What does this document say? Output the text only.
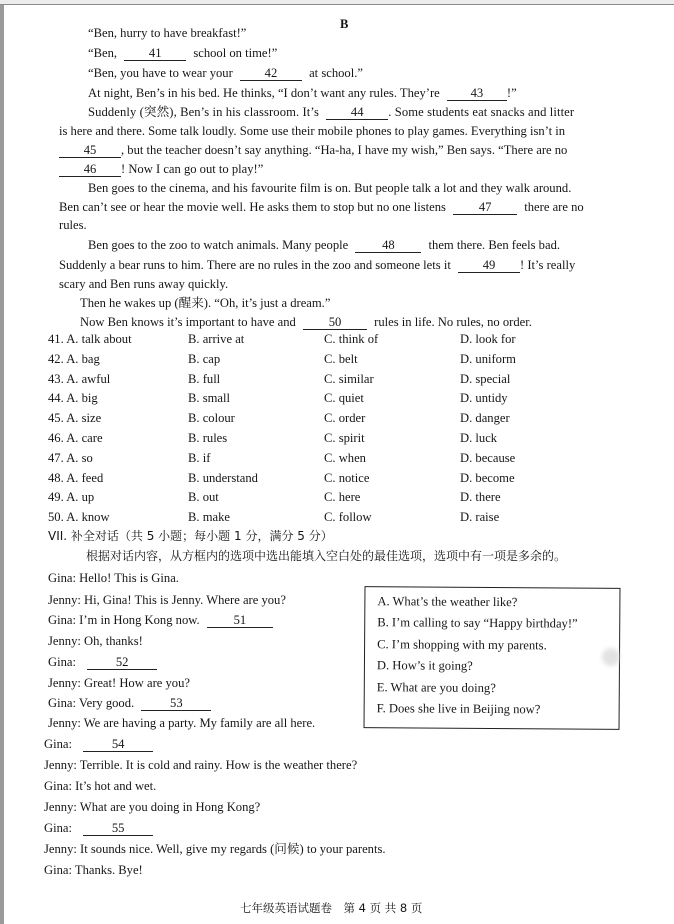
B
“Ben, hurry to have breakfast!”
“Ben,	41	school on time!”
“Ben, you have to wear your	42	at school.”
At night, Ben’s in his bed. He thinks, “I don’t want any rules. They’re 43 !”
Suddenly (突然), Ben’s in his classroom. It’s	44 . Some students eat snacks and litter
is here and there. Some talk loudly. Some use their mobile phones to play games. Everything isn’t in
45 , but the teacher doesn’t say anything. “Ha-ha, I have my wish,” Ben says. “There are no
46 ! Now I can go out to play!”
Ben goes to the cinema, and his favourite film is on. But people talk a lot and they walk around.
Ben can’t see or hear the movie well. He asks them to stop but no one listens	47	there are no
rules.
Ben goes to the zoo to watch animals. Many people	48	them there. Ben feels bad.
Suddenly a bear runs to him. There are no rules in the zoo and someone lets it	49 ! It’s really
scary and Ben runs away quickly.
Then he wakes up (醒来). “Oh, it’s just a dream.”
Now Ben knows it’s important to have and	50	rules in life. No rules, no order.
41. A. talk about	B. arrive at	C. think of	D. look for
42. A. bag	B. cap	C. belt	D. uniform
43. A. awful	B. full	C. similar	D. special
44. A. big	B. small	C. quiet	D. untidy
45. A. size	B. colour	C. order	D. danger
46. A. care	B. rules	C. spirit	D. luck
47. A. so	B. if	C. when	D. because
48. A. feed	B. understand	C. notice	D. become
49. A. up	B. out	C. here	D. there
50. A. know	B. make	C. follow	D. raise
VII. 补全对话（共 5 小题；每小题 1 分，满分 5 分）
根据对话内容，从方框内的选项中选出能填入空白处的最佳选项，选项中有一项是多余的。
Gina: Hello! This is Gina.
Jenny: Hi, Gina! This is Jenny. Where are you?
Gina: I’m in Hong Kong now.	51
Jenny: Oh, thanks!
Gina:	52
Jenny: Great! How are you?
Gina: Very good.	53
Jenny: We are having a party. My family are all here.
Gina:	54
Jenny: Terrible. It is cold and rainy. How is the weather there?
Gina: It’s hot and wet.
Jenny: What are you doing in Hong Kong?
Gina:	55
Jenny: It sounds nice. Well, give my regards (问候) to your parents.
Gina: Thanks. Bye!
A. What’s the weather like?
B. I’m calling to say “Happy birthday!”
C. I’m shopping with my parents.
D. How’s it going?
E. What are you doing?
F. Does she live in Beijing now?
七年级英语试题卷　第 4 页 共 8 页
